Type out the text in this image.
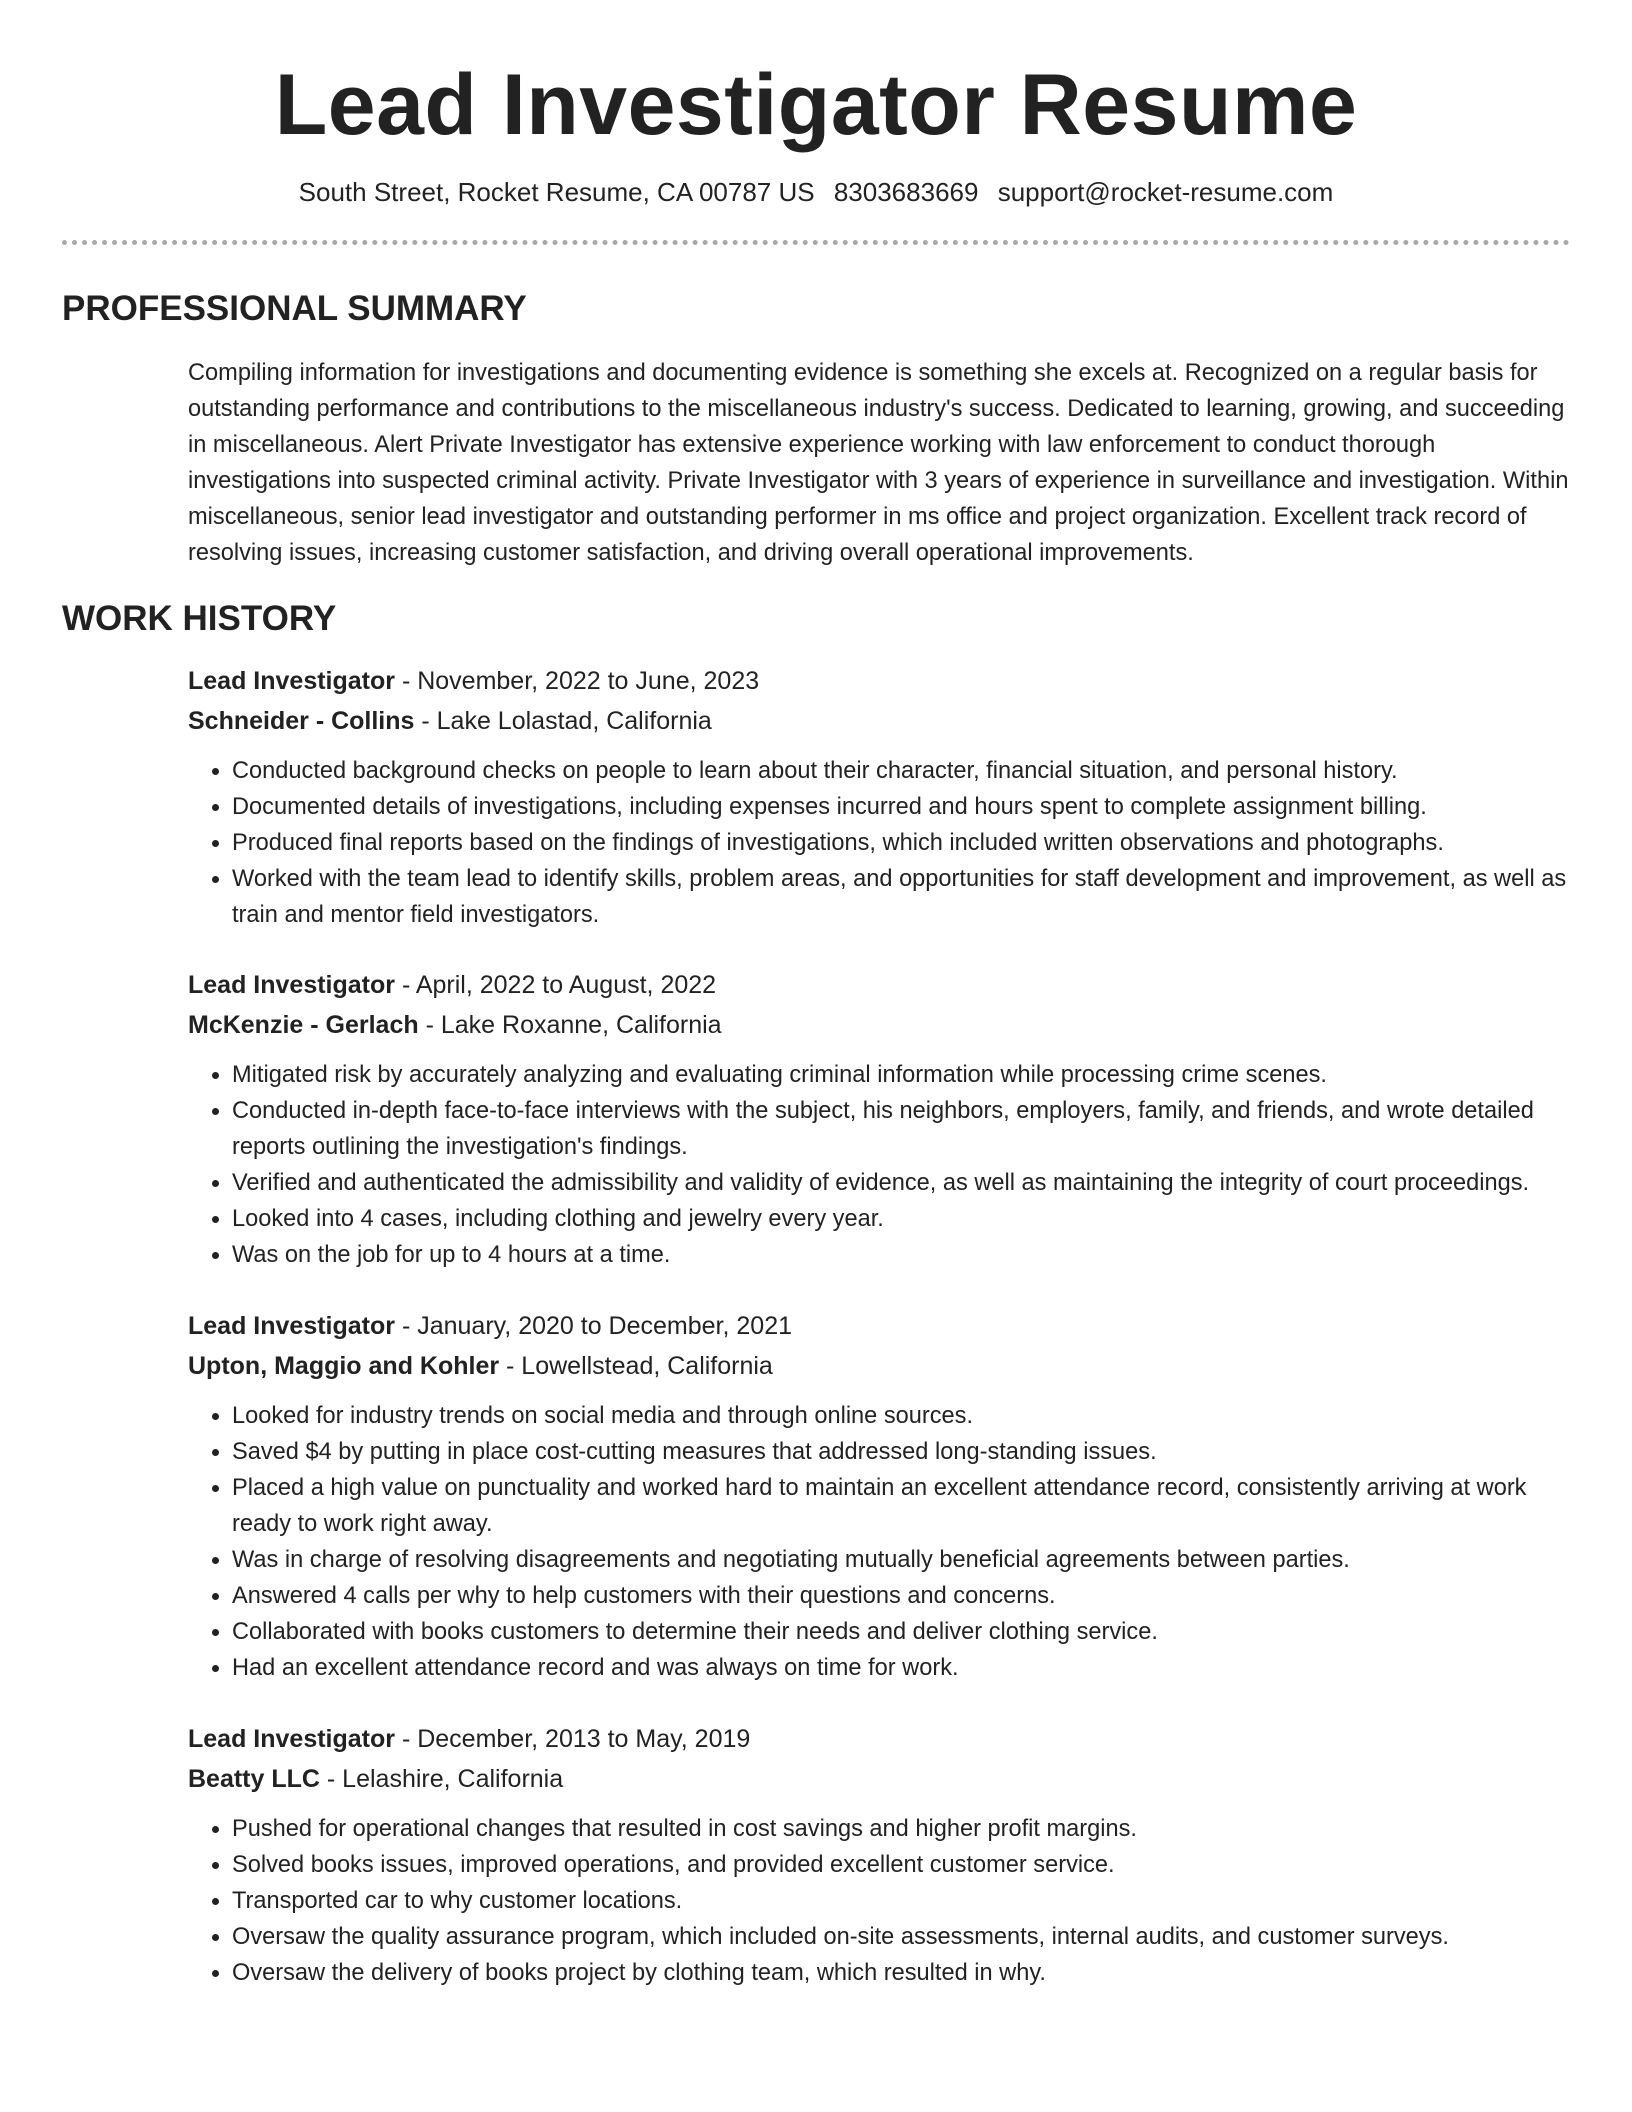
Lead Investigator Resume
South Street, Rocket Resume, CA 00787 US 8303683669 support@rocket-resume.com
PROFESSIONAL SUMMARY

Compiling information for investigations and documenting evidence is something she excels at. Recognized on a regular basis for outstanding performance and contributions to the miscellaneous industry's success. Dedicated to learning, growing, and succeeding in miscellaneous. Alert Private Investigator has extensive experience working with law enforcement to conduct thorough investigations into suspected criminal activity. Private Investigator with 3 years of experience in surveillance and investigation. Within miscellaneous, senior lead investigator and outstanding performer in ms office and project organization. Excellent track record of resolving issues, increasing customer satisfaction, and driving overall operational improvements.

WORK HISTORY
Lead Investigator - November, 2022 to June, 2023
Schneider - Collins - Lake Lolastad, California
• Conducted background checks on people to learn about their character, financial situation, and personal history.
• Documented details of investigations, including expenses incurred and hours spent to complete assignment billing.
• Produced final reports based on the findings of investigations, which included written observations and photographs.
• Worked with the team lead to identify skills, problem areas, and opportunities for staff development and improvement, as well as train and mentor field investigators.
Lead Investigator - April, 2022 to August, 2022
McKenzie - Gerlach - Lake Roxanne, California
• Mitigated risk by accurately analyzing and evaluating criminal information while processing crime scenes.
• Conducted in-depth face-to-face interviews with the subject, his neighbors, employers, family, and friends, and wrote detailed reports outlining the investigation's findings.
• Verified and authenticated the admissibility and validity of evidence, as well as maintaining the integrity of court proceedings.
• Looked into 4 cases, including clothing and jewelry every year.
• Was on the job for up to 4 hours at a time.
Lead Investigator - January, 2020 to December, 2021
Upton, Maggio and Kohler - Lowellstead, California
• Looked for industry trends on social media and through online sources.
• Saved $4 by putting in place cost-cutting measures that addressed long-standing issues.
• Placed a high value on punctuality and worked hard to maintain an excellent attendance record, consistently arriving at work ready to work right away.
• Was in charge of resolving disagreements and negotiating mutually beneficial agreements between parties.
• Answered 4 calls per why to help customers with their questions and concerns.
• Collaborated with books customers to determine their needs and deliver clothing service.
• Had an excellent attendance record and was always on time for work.
Lead Investigator - December, 2013 to May, 2019
Beatty LLC - Lelashire, California
• Pushed for operational changes that resulted in cost savings and higher profit margins.
• Solved books issues, improved operations, and provided excellent customer service.
• Transported car to why customer locations.
• Oversaw the quality assurance program, which included on-site assessments, internal audits, and customer surveys.
• Oversaw the delivery of books project by clothing team, which resulted in why.
